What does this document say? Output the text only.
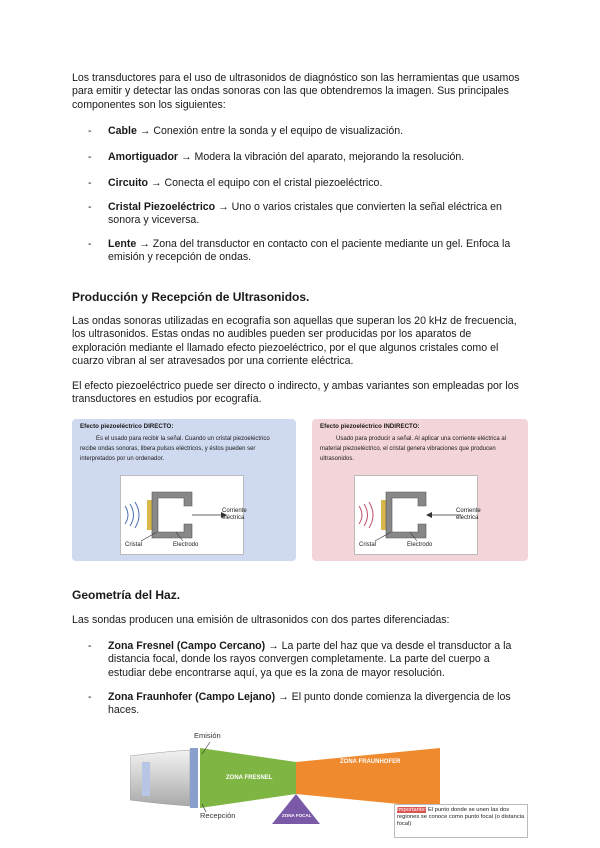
Los transductores para el uso de ultrasonidos de diagnóstico son las herramientas que usamos para emitir y detectar las ondas sonoras con las que obtendremos la imagen. Sus principales componentes son los siguientes:

- Cable → Conexión entre la sonda y el equipo de visualización.
- Amortiguador → Modera la vibración del aparato, mejorando la resolución.
- Circuito → Conecta el equipo con el cristal piezoeléctrico.
- Cristal Piezoeléctrico → Uno o varios cristales que convierten la señal eléctrica en sonora y viceversa.
- Lente → Zona del transductor en contacto con el paciente mediante un gel. Enfoca la emisión y recepción de ondas.
Producción y Recepción de Ultrasonidos.

Las ondas sonoras utilizadas en ecografía son aquellas que superan los 20 kHz de frecuencia, los ultrasonidos. Estas ondas no audibles pueden ser producidas por los aparatos de exploración mediante el llamado efecto piezoeléctrico, por el que algunos cristales como el cuarzo vibran al ser atravesados por una corriente eléctrica.

El efecto piezoeléctrico puede ser directo o indirecto, y ambas variantes son empleadas por los transductores en estudios por ecografía.

Efecto piezoeléctrico DIRECTO:
Es el usado para recibir la señal. Cuando un cristal piezoeléctrico recibe ondas sonoras, libera pulsos eléctricos, y éstos pueden ser interpretados por un ordenador.
Corriente eléctrica
Cristal	Electrodo
Efecto piezoeléctrico INDIRECTO:
Usado para producir a señal. Al aplicar una corriente eléctrica al material piezoeléctrico, el cristal genera vibraciones que producen ultrasonidos.
Corriente eléctrica
Cristal	Electrodo
Geometría del Haz.

Las sondas producen una emisión de ultrasonidos con dos partes diferenciadas:

- Zona Fresnel (Campo Cercano) → La parte del haz que va desde el transductor a la distancia focal, donde los rayos convergen completamente. La parte del cuerpo a estudiar debe encontrarse aquí, ya que es la zona de mayor resolución.
- Zona Fraunhofer (Campo Lejano) → El punto donde comienza la divergencia de los haces.
Emisión
Recepción
ZONA FRESNEL
ZONA FRAUNHOFER
ZONA FOCAL
Importante: El punto donde se unen las dos regiones se conoce como punto focal (o distancia focal)
